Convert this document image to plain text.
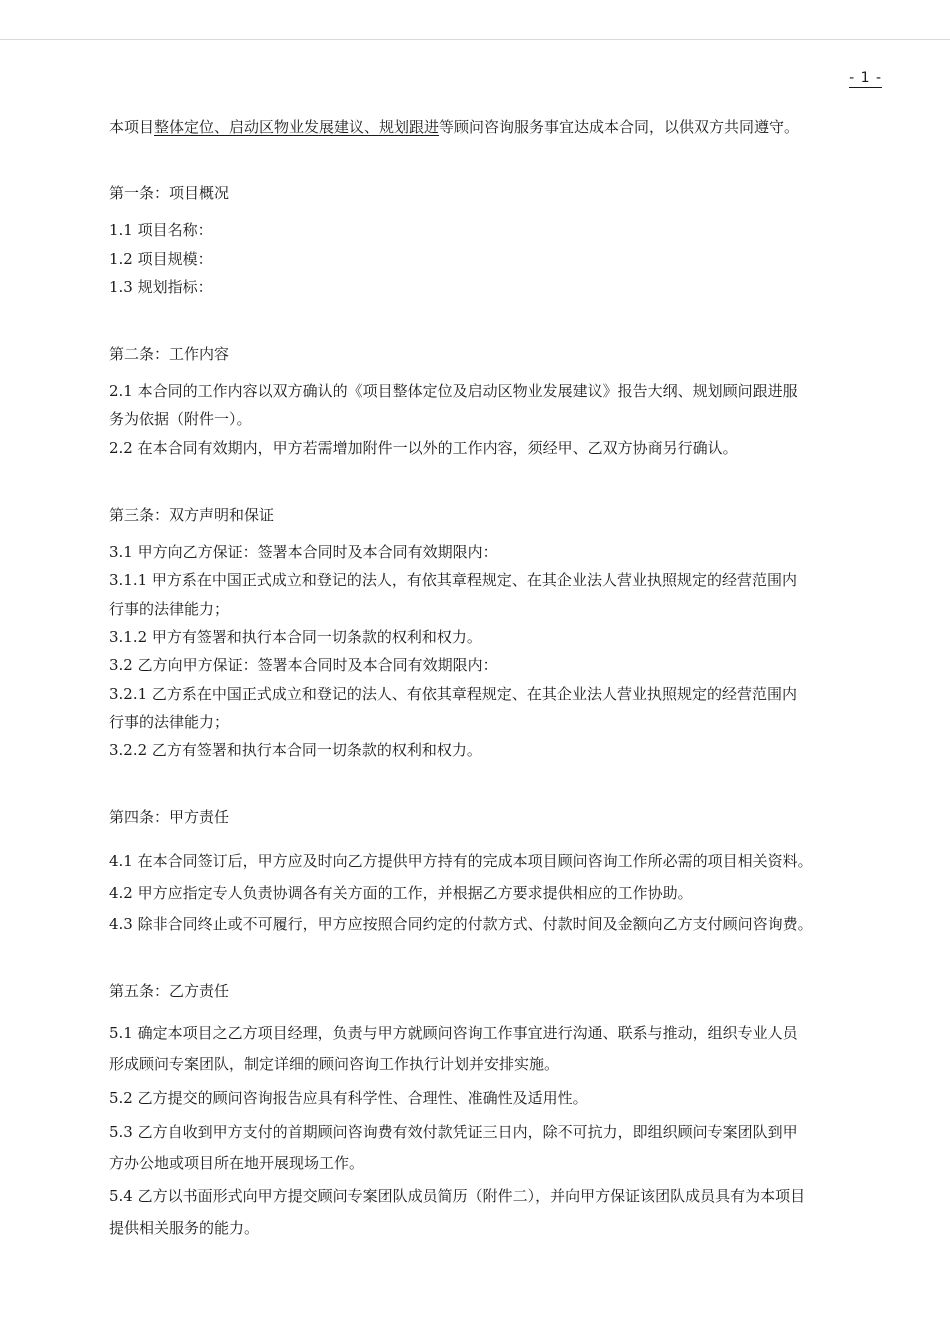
- 1 -
本项目整体定位、启动区物业发展建议、规划跟进等顾问咨询服务事宜达成本合同，以供双方共同遵守。
第一条：项目概况
1.1 项目名称：
1.2 项目规模：
1.3 规划指标：
第二条：工作内容
2.1 本合同的工作内容以双方确认的《项目整体定位及启动区物业发展建议》报告大纲、规划顾问跟进服
务为依据（附件一）。
2.2 在本合同有效期内，甲方若需增加附件一以外的工作内容，须经甲、乙双方协商另行确认。
第三条：双方声明和保证
3.1 甲方向乙方保证：签署本合同时及本合同有效期限内：
3.1.1 甲方系在中国正式成立和登记的法人，有依其章程规定、在其企业法人营业执照规定的经营范围内
行事的法律能力；
3.1.2 甲方有签署和执行本合同一切条款的权利和权力。
3.2 乙方向甲方保证：签署本合同时及本合同有效期限内：
3.2.1 乙方系在中国正式成立和登记的法人、有依其章程规定、在其企业法人营业执照规定的经营范围内
行事的法律能力；
3.2.2 乙方有签署和执行本合同一切条款的权利和权力。
第四条：甲方责任
4.1 在本合同签订后，甲方应及时向乙方提供甲方持有的完成本项目顾问咨询工作所必需的项目相关资料。
4.2 甲方应指定专人负责协调各有关方面的工作，并根据乙方要求提供相应的工作协助。
4.3 除非合同终止或不可履行，甲方应按照合同约定的付款方式、付款时间及金额向乙方支付顾问咨询费。
第五条：乙方责任
5.1 确定本项目之乙方项目经理，负责与甲方就顾问咨询工作事宜进行沟通、联系与推动，组织专业人员
形成顾问专案团队，制定详细的顾问咨询工作执行计划并安排实施。
5.2 乙方提交的顾问咨询报告应具有科学性、合理性、准确性及适用性。
5.3 乙方自收到甲方支付的首期顾问咨询费有效付款凭证三日内，除不可抗力，即组织顾问专案团队到甲
方办公地或项目所在地开展现场工作。
5.4 乙方以书面形式向甲方提交顾问专案团队成员简历（附件二），并向甲方保证该团队成员具有为本项目
提供相关服务的能力。
